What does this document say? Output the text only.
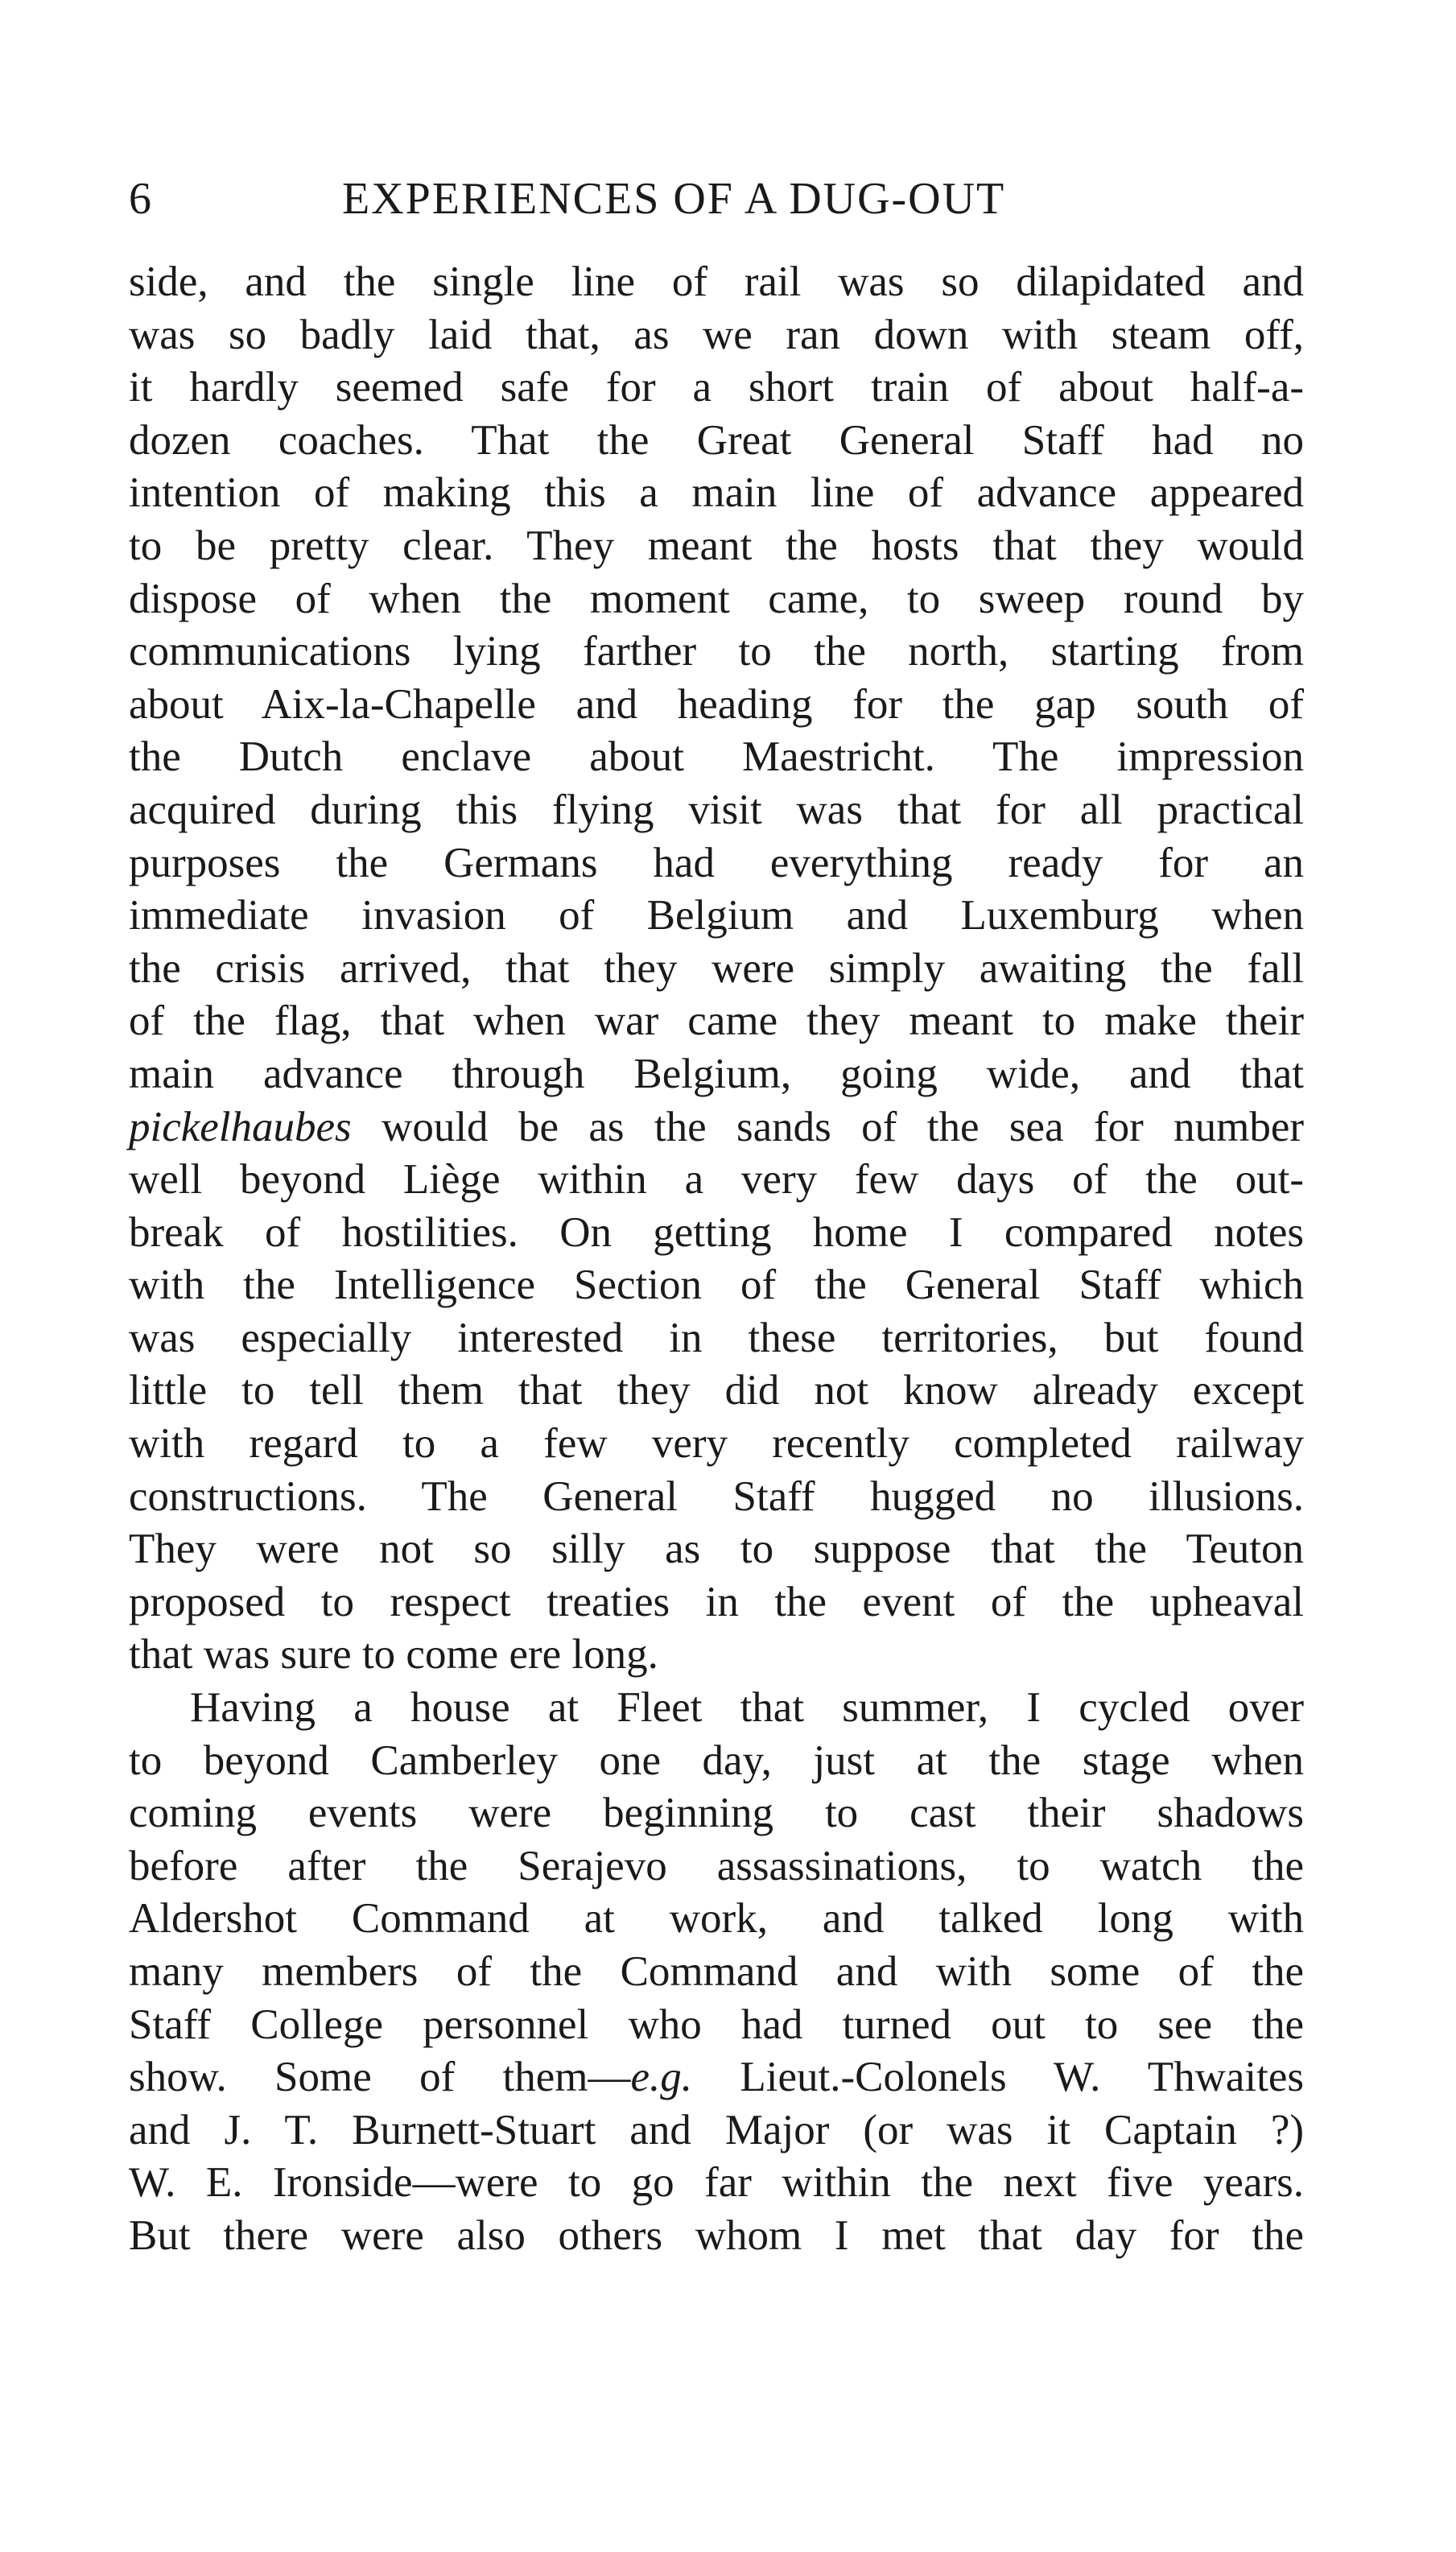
6	EXPERIENCES OF A DUG-OUT
side, and the single line of rail was so dilapidated and
was so badly laid that, as we ran down with steam off,
it hardly seemed safe for a short train of about half-a-
dozen coaches. That the Great General Staff had no
intention of making this a main line of advance appeared
to be pretty clear. They meant the hosts that they would
dispose of when the moment came, to sweep round by
communications lying farther to the north, starting from
about Aix-la-Chapelle and heading for the gap south of
the Dutch enclave about Maestricht. The impression
acquired during this flying visit was that for all practical
purposes the Germans had everything ready for an
immediate invasion of Belgium and Luxemburg when
the crisis arrived, that they were simply awaiting the fall
of the flag, that when war came they meant to make their
main advance through Belgium, going wide, and that
pickelhaubes would be as the sands of the sea for number
well beyond Liège within a very few days of the out-
break of hostilities. On getting home I compared notes
with the Intelligence Section of the General Staff which
was especially interested in these territories, but found
little to tell them that they did not know already except
with regard to a few very recently completed railway
constructions. The General Staff hugged no illusions.
They were not so silly as to suppose that the Teuton
proposed to respect treaties in the event of the upheaval
that was sure to come ere long.
Having a house at Fleet that summer, I cycled over
to beyond Camberley one day, just at the stage when
coming events were beginning to cast their shadows
before after the Serajevo assassinations, to watch the
Aldershot Command at work, and talked long with
many members of the Command and with some of the
Staff College personnel who had turned out to see the
show. Some of them—e.g. Lieut.-Colonels W. Thwaites
and J. T. Burnett-Stuart and Major (or was it Captain ?)
W. E. Ironside—were to go far within the next five years.
But there were also others whom I met that day for the
